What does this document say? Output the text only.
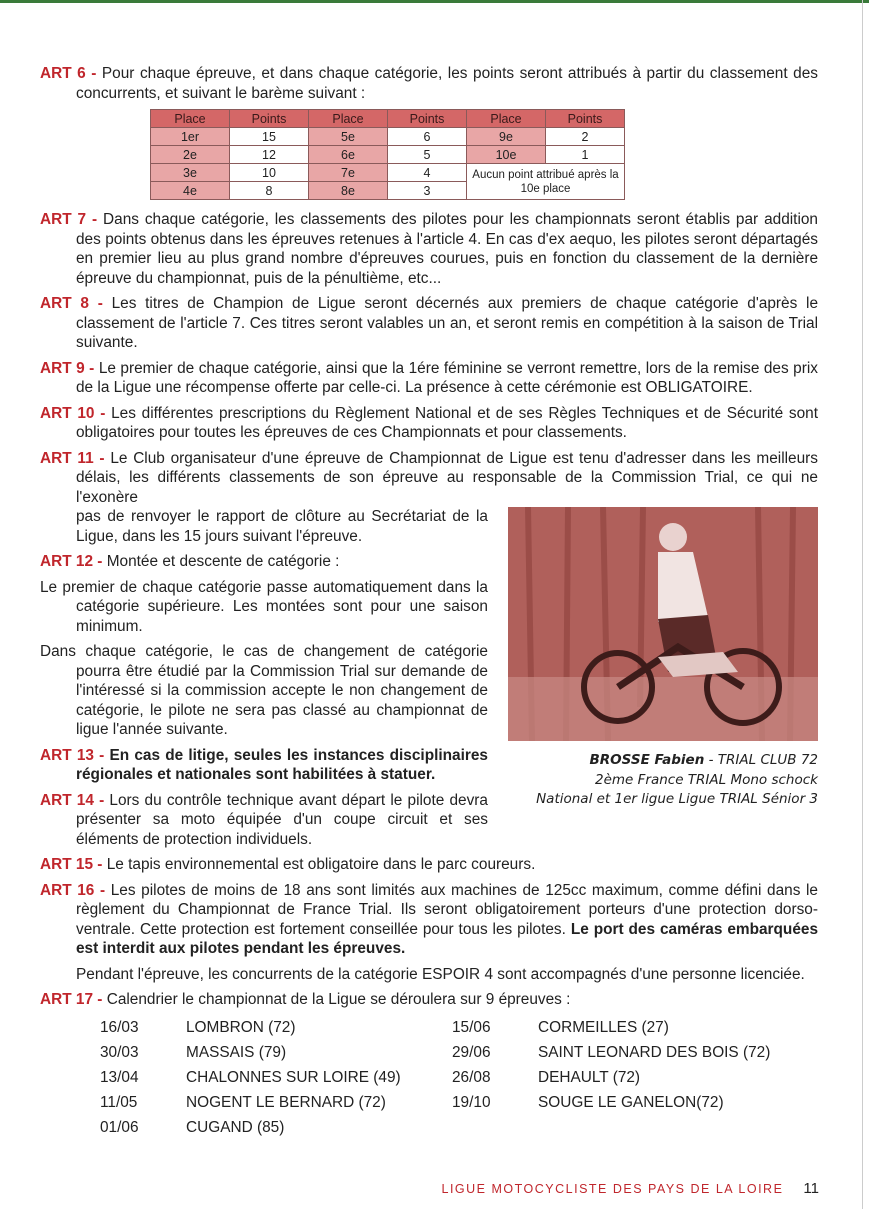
ART 6 - Pour chaque épreuve, et dans chaque catégorie, les points seront attribués à partir du classement des concurrents, et suivant le barème suivant :

Place	Points	Place	Points	Place	Points
1er	15	5e	6	9e	2
2e	12	6e	5	10e	1
3e	10	7e	4	Aucun point attribué après la 10e place	
4e	8	8e	3		

ART 7 - Dans chaque catégorie, les classements des pilotes pour les championnats seront établis par addition des points obtenus dans les épreuves retenues à l'article 4. En cas d'ex aequo, les pilotes seront départagés en premier lieu au plus grand nombre d'épreuves courues, puis en fonction du classement de la dernière épreuve du championnat, puis de la pénultième, etc...

ART 8 - Les titres de Champion de Ligue seront décernés aux premiers de chaque catégorie d'après le classement de l'article 7. Ces titres seront valables un an, et seront remis en compétition à la saison de Trial suivante.

ART 9 - Le premier de chaque catégorie, ainsi que la 1ére féminine se verront remettre, lors de la remise des prix de la Ligue une récompense offerte par celle-ci. La présence à cette cérémonie est OBLIGATOIRE.

ART 10 - Les différentes prescriptions du Règlement National et de ses Règles Techniques et de Sécurité sont obligatoires pour toutes les épreuves de ces Championnats et pour classements.

ART 11 - Le Club organisateur d'une épreuve de Championnat de Ligue est tenu d'adresser dans les meilleurs délais, les différents classements de son épreuve au responsable de la Commission Trial, ce qui ne l'exonère

BROSSE Fabien - TRIAL CLUB 72
2ème France TRIAL Mono schock
National et 1er ligue Ligue TRIAL Sénior 3

pas de renvoyer le rapport de clôture au Secrétariat de la Ligue, dans les 15 jours suivant l'épreuve.

ART 12 - Montée et descente de catégorie :

Le premier de chaque catégorie passe automatiquement dans la catégorie supérieure. Les montées sont pour une saison minimum.

Dans chaque catégorie, le cas de changement de catégorie pourra être étudié par la Commission Trial sur demande de l'intéressé si la commission accepte le non changement de catégorie, le pilote ne sera pas classé au championnat de ligue l'année suivante.

ART 13 - En cas de litige, seules les instances disciplinaires régionales et nationales sont habilitées à statuer.

ART 14 - Lors du contrôle technique avant départ le pilote devra présenter sa moto équipée d'un coupe circuit et ses éléments de protection individuels.

ART 15 - Le tapis environnemental est obligatoire dans le parc coureurs.

ART 16 - Les pilotes de moins de 18 ans sont limités aux machines de 125cc maximum, comme défini dans le règlement du Championnat de France Trial. Ils seront obligatoirement porteurs d'une protection dorso-ventrale. Cette protection est fortement conseillée pour tous les pilotes. Le port des caméras embarquées est interdit aux pilotes pendant les épreuves.

Pendant l'épreuve, les concurrents de la catégorie ESPOIR 4 sont accompagnés d'une personne licenciée.

ART 17 - Calendrier le championnat de la Ligue se déroulera sur 9 épreuves :

16/03	LOMBRON (72)	15/06	CORMEILLES (27)
30/03	MASSAIS (79)	29/06	SAINT LEONARD DES BOIS (72)
13/04	CHALONNES SUR LOIRE (49)	26/08	DEHAULT (72)
11/05	NOGENT LE BERNARD (72)	19/10	SOUGE LE GANELON(72)
01/06	CUGAND (85)
LIGUE MOTOCYCLISTE DES PAYS DE LA LOIRE 11
